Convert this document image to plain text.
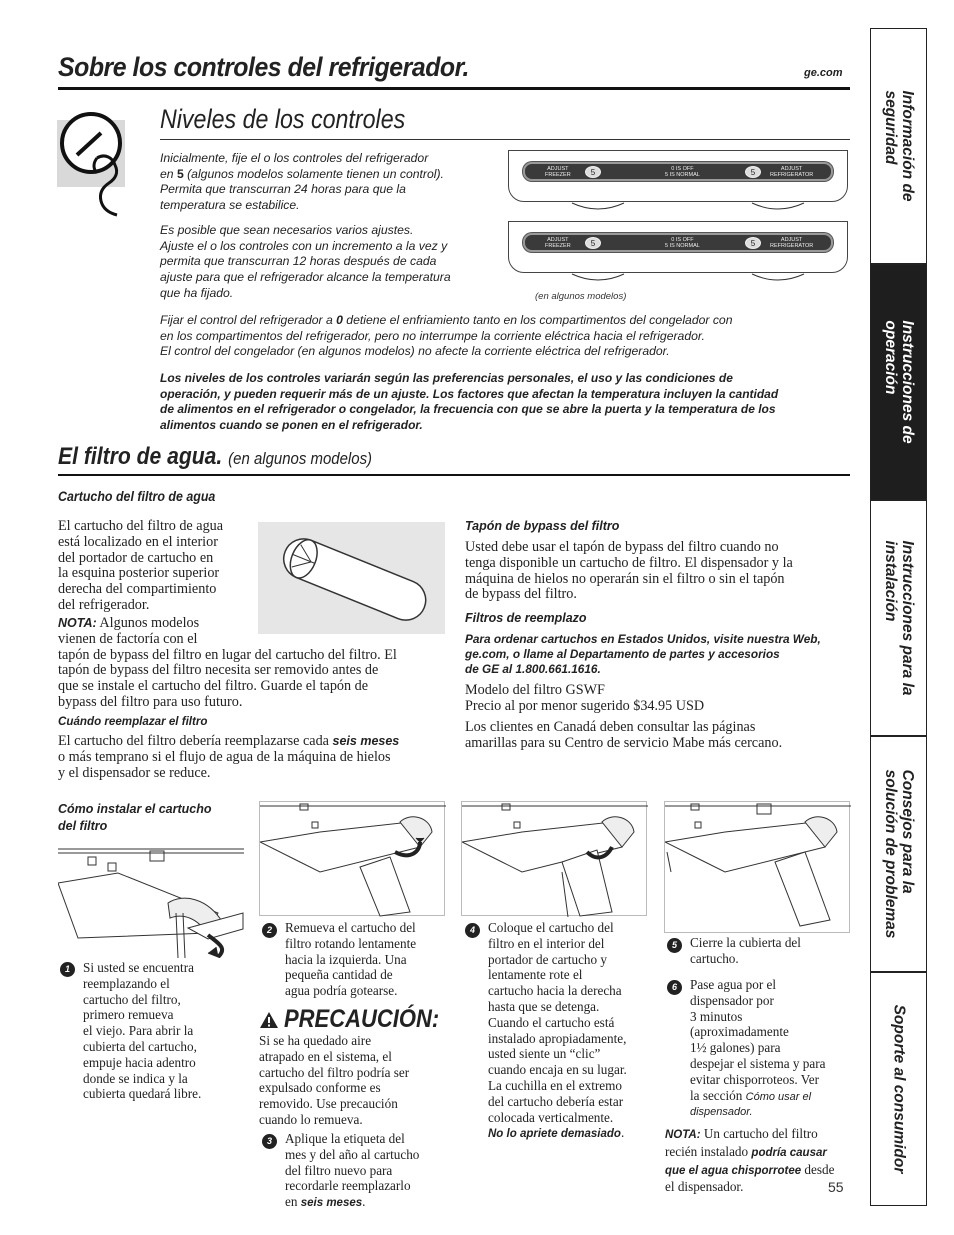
Sobre los controles del refrigerador.	ge.com
Niveles de los controles
Inicialmente, fije el o los controles del refrigerador
en 5 (algunos modelos solamente tienen un control).
Permita que transcurran 24 horas para que la
temperatura se estabilice.
Es posible que sean necesarios varios ajustes.
Ajuste el o los controles con un incremento a la vez y
permita que transcurran 12 horas después de cada
ajuste para que el refrigerador alcance la temperatura
que ha fijado.
ADJUST
FREEZER	5	0 IS OFF
5 IS NORMAL	5	ADJUST
REFRIGERATOR
ADJUST
FREEZER	5	0 IS OFF
5 IS NORMAL	5	ADJUST
REFRIGERATOR
(en algunos modelos)
Fijar el control del refrigerador a 0 detiene el enfriamiento tanto en los compartimentos del congelador con
en los compartimentos del refrigerador, pero no interrumpe la corriente eléctrica hacia el refrigerador.
El control del congelador (en algunos modelos) no afecte la corriente eléctrica del refrigerador.
Los niveles de los controles variarán según las preferencias personales, el uso y las condiciones de
operación, y pueden requerir más de un ajuste. Los factores que afectan la temperatura incluyen la cantidad
de alimentos en el refrigerador o congelador, la frecuencia con que se abre la puerta y la temperatura de los
alimentos cuando se ponen en el refrigerador.
El filtro de agua. (en algunos modelos)
Cartucho del filtro de agua
El cartucho del filtro de agua
está localizado en el interior
del portador de cartucho en
la esquina posterior superior
derecha del compartimiento
del refrigerador.
NOTA: Algunos modelos
vienen de factoría con el
tapón de bypass del filtro en lugar del cartucho del filtro. El
tapón de bypass del filtro necesita ser removido antes de
que se instale el cartucho del filtro. Guarde el tapón de
bypass del filtro para uso futuro.
Cuándo reemplazar el filtro
El cartucho del filtro debería reemplazarse cada seis meses
o más temprano si el flujo de agua de la máquina de hielos
y el dispensador se reduce.
Tapón de bypass del filtro
Usted debe usar el tapón de bypass del filtro cuando no
tenga disponible un cartucho de filtro. El dispensador y la
máquina de hielos no operarán sin el filtro o sin el tapón
de bypass del filtro.
Filtros de reemplazo
Para ordenar cartuchos en Estados Unidos, visite nuestra Web,
ge.com, o llame al Departamento de partes y accesorios
de GE al 1.800.661.1616.
Modelo del filtro GSWF
Precio al por menor sugerido $34.95 USD
Los clientes en Canadá deben consultar las páginas
amarillas para su Centro de servicio Mabe más cercano.
Cómo instalar el cartucho
del filtro
1 Si usted se encuentra
reemplazando el
cartucho del filtro,
primero remueva
el viejo. Para abrir la
cubierta del cartucho,
empuje hacia adentro
donde se indica y la
cubierta quedará libre.
2 Remueva el cartucho del
filtro rotando lentamente
hacia la izquierda. Una
pequeña cantidad de
agua podría gotearse.
PRECAUCIÓN:
Si se ha quedado aire
atrapado en el sistema, el
cartucho del filtro podría ser
expulsado conforme es
removido. Use precaución
cuando lo remueva.
3 Aplique la etiqueta del
mes y del año al cartucho
del filtro nuevo para
recordarle reemplazarlo
en seis meses.
4 Coloque el cartucho del
filtro en el interior del
portador de cartucho y
lentamente rote el
cartucho hacia la derecha
hasta que se detenga.
Cuando el cartucho está
instalado apropiadamente,
usted siente un “clic”
cuando encaja en su lugar.
La cuchilla en el extremo
del cartucho debería estar
colocada verticalmente.
No lo apriete demasiado.
5 Cierre la cubierta del
cartucho.
6 Pase agua por el
dispensador por
3 minutos
(aproximadamente
1½ galones) para
despejar el sistema y para
evitar chisporroteos. Ver
la sección Cómo usar el
dispensador.
NOTA: Un cartucho del filtro
recién instalado podría causar
que el agua chisporrotee desde
el dispensador.	55
Información de
seguridad
Instrucciones de
operación
Instrucciones para la
instalación
Consejos para la
solución de problemas
Soporte al consumidor
